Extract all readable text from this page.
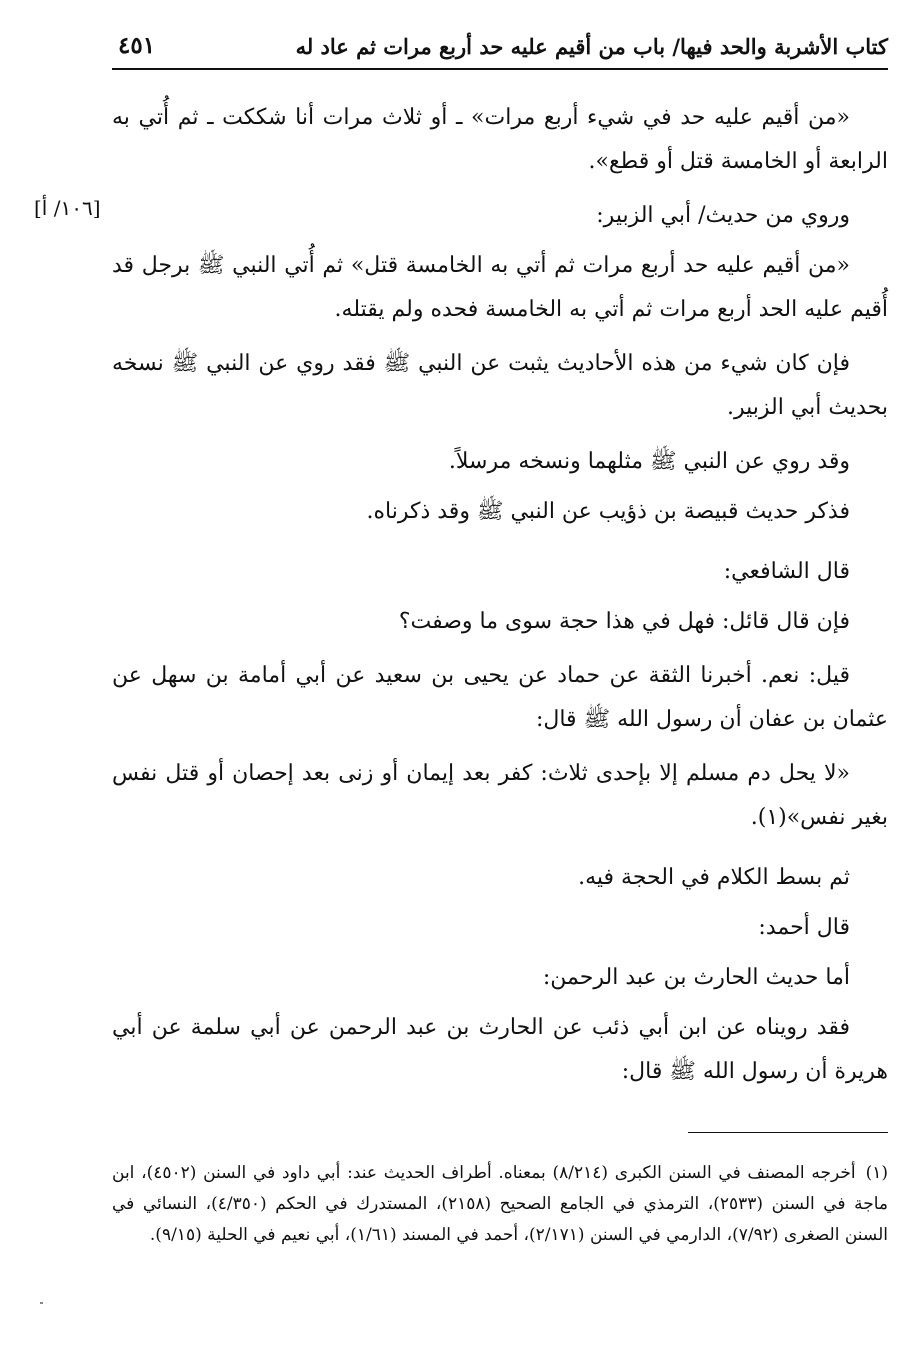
كتاب الأشربة والحد فيها/ باب من أقيم عليه حد أربع مرات ثم عاد له
٤٥١
[١٠٦/ أ]

«من أقيم عليه حد في شيء أربع مرات» ـ أو ثلاث مرات أنا شككت ـ ثم أُتي به الرابعة أو الخامسة قتل أو قطع».

وروي من حديث/ أبي الزبير:

«من أقيم عليه حد أربع مرات ثم أتي به الخامسة قتل» ثم أُتي النبي ﷺ برجل قد أُقيم عليه الحد أربع مرات ثم أتي به الخامسة فحده ولم يقتله.

فإن كان شيء من هذه الأحاديث يثبت عن النبي ﷺ فقد روي عن النبي ﷺ نسخه بحديث أبي الزبير.

وقد روي عن النبي ﷺ مثلهما ونسخه مرسلاً.

فذكر حديث قبيصة بن ذؤيب عن النبي ﷺ وقد ذكرناه.

قال الشافعي:

فإن قال قائل: فهل في هذا حجة سوى ما وصفت؟

قيل: نعم. أخبرنا الثقة عن حماد عن يحيى بن سعيد عن أبي أمامة بن سهل عن عثمان بن عفان أن رسول الله ﷺ قال:

«لا يحل دم مسلم إلا بإحدى ثلاث: كفر بعد إيمان أو زنى بعد إحصان أو قتل نفس بغير نفس»(١).

ثم بسط الكلام في الحجة فيه.

قال أحمد:

أما حديث الحارث بن عبد الرحمن:

فقد رويناه عن ابن أبي ذئب عن الحارث بن عبد الرحمن عن أبي سلمة عن أبي هريرة أن رسول الله ﷺ قال:

(١)أخرجه المصنف في السنن الكبرى (٨/٢١٤) بمعناه. أطراف الحديث عند: أبي داود في السنن (٤٥٠٢)، ابن ماجة في السنن (٢٥٣٣)، الترمذي في الجامع الصحيح (٢١٥٨)، المستدرك في الحكم (٤/٣٥٠)، النسائي في السنن الصغرى (٧/٩٢)، الدارمي في السنن (٢/١٧١)، أحمد في المسند (١/٦١)، أبي نعيم في الحلية (٩/١٥).
